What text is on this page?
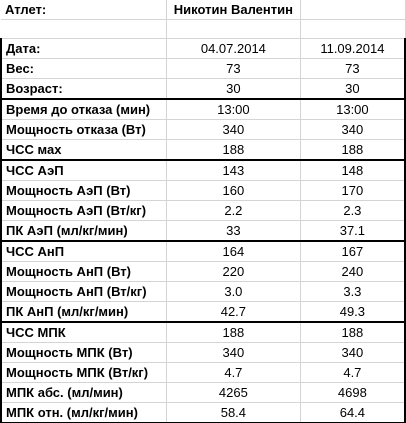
Атлет:	Никотин Валентин	

Дата:	04.07.2014	11.09.2014
Вес:	73	73
Возраст:	30	30
Время до отказа (мин)	13:00	13:00
Мощность отказа (Вт)	340	340
ЧСС мах	188	188
ЧСС АэП	143	148
Мощность АэП (Вт)	160	170
Мощность АэП (Вт/кг)	2.2	2.3
ПК АэП (мл/кг/мин)	33	37.1
ЧСС АнП	164	167
Мощность АнП (Вт)	220	240
Мощность АнП (Вт/кг)	3.0	3.3
ПК АнП (мл/кг/мин)	42.7	49.3
ЧСС МПК	188	188
Мощность МПК (Вт)	340	340
Мощность МПК (Вт/кг)	4.7	4.7
МПК абс. (мл/мин)	4265	4698
МПК отн. (мл/кг/мин)	58.4	64.4
